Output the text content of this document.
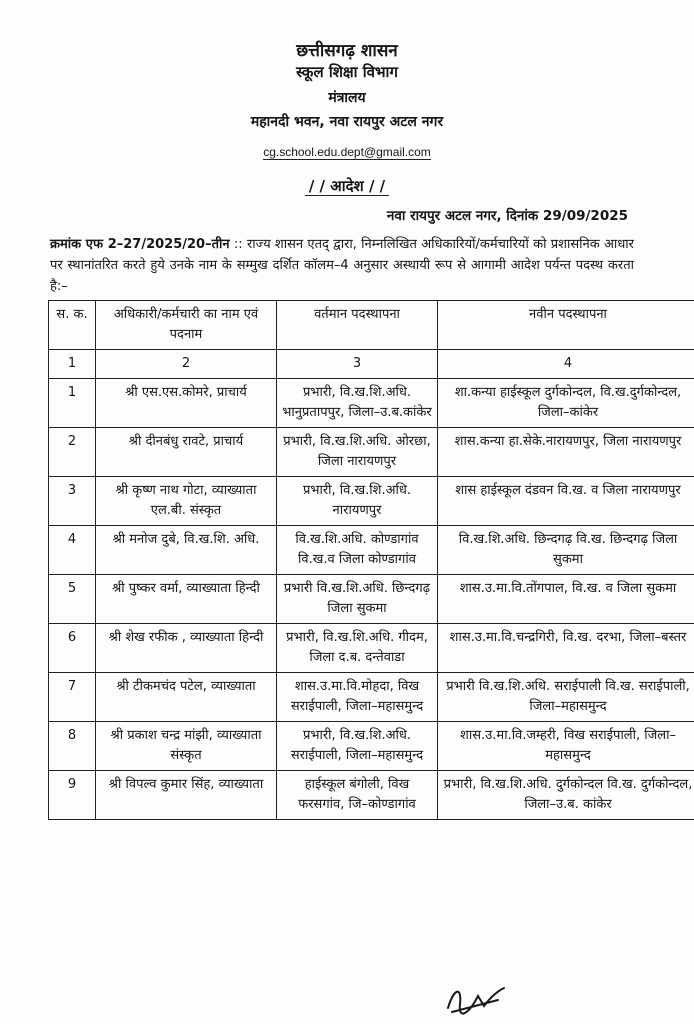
छत्तीसगढ़ शासन
स्कूल शिक्षा विभाग
मंत्रालय
महानदी भवन, नवा रायपुर अटल नगर
cg.school.edu.dept@gmail.com
/ / आदेश / /
नवा रायपुर अटल नगर, दिनांक 29/09/2025
क्रमांक एफ 2–27/2025/20–तीन :: राज्य शासन एतद् द्वारा, निम्नलिखित अधिकारियों/कर्मचारियों को प्रशासनिक आधार पर स्थानांतरित करते हुये उनके नाम के सम्मुख दर्शित कॉलम–4 अनुसार अस्थायी रूप से आगामी आदेश पर्यन्त पदस्थ करता है:–
स. क.	अधिकारी/कर्मचारी का नाम एवं पदनाम	वर्तमान पदस्थापना	नवीन पदस्थापना
1	2	3	4
1	श्री एस.एस.कोमरे, प्राचार्य	प्रभारी, वि.ख.शि.अधि. भानुप्रतापपुर, जिला–उ.ब.कांकेर	शा.कन्या हाईस्कूल दुर्गकोन्दल, वि.ख.दुर्गकोन्दल, जिला–कांकेर
2	श्री दीनबंधु रावटे, प्राचार्य	प्रभारी, वि.ख.शि.अधि. ओरछा, जिला नारायणपुर	शास.कन्या हा.सेके.नारायणपुर, जिला नारायणपुर
3	श्री कृष्ण नाथ गोटा, व्याख्याता एल.बी. संस्कृत	प्रभारी, वि.ख.शि.अधि. नारायणपुर	शास हाईस्कूल दंडवन वि.ख. व जिला नारायणपुर
4	श्री मनोज दुबे, वि.ख.शि. अधि.	वि.ख.शि.अधि. कोण्डागांव वि.ख.व जिला कोण्डागांव	वि.ख.शि.अधि. छिन्दगढ़ वि.ख. छिन्दगढ़ जिला सुकमा
5	श्री पुष्कर वर्मा, व्याख्याता हिन्दी	प्रभारी वि.ख.शि.अधि. छिन्दगढ़ जिला सुकमा	शास.उ.मा.वि.तोंगपाल, वि.ख. व जिला सुकमा
6	श्री शेख रफीक , व्याख्याता हिन्दी	प्रभारी, वि.ख.शि.अधि. गीदम, जिला द.ब. दन्तेवाडा	शास.उ.मा.वि.चन्द्रगिरी, वि.ख. दरभा, जिला–बस्तर
7	श्री टीकमचंद पटेल, व्याख्याता	शास.उ.मा.वि.मोहदा, विख सराईपाली, जिला–महासमुन्द	प्रभारी वि.ख.शि.अधि. सराईपाली वि.ख. सराईपाली, जिला–महासमुन्द
8	श्री प्रकाश चन्द्र मांझी, व्याख्याता संस्कृत	प्रभारी, वि.ख.शि.अधि. सराईपाली, जिला–महासमुन्द	शास.उ.मा.वि.जम्हरी, विख सराईपाली, जिला–महासमुन्द
9	श्री विपल्व कुमार सिंह, व्याख्याता	हाईस्कूल बंगोली, विख फरसगांव, जि–कोण्डागांव	प्रभारी, वि.ख.शि.अधि. दुर्गकोन्दल वि.ख. दुर्गकोन्दल, जिला–उ.ब. कांकेर
